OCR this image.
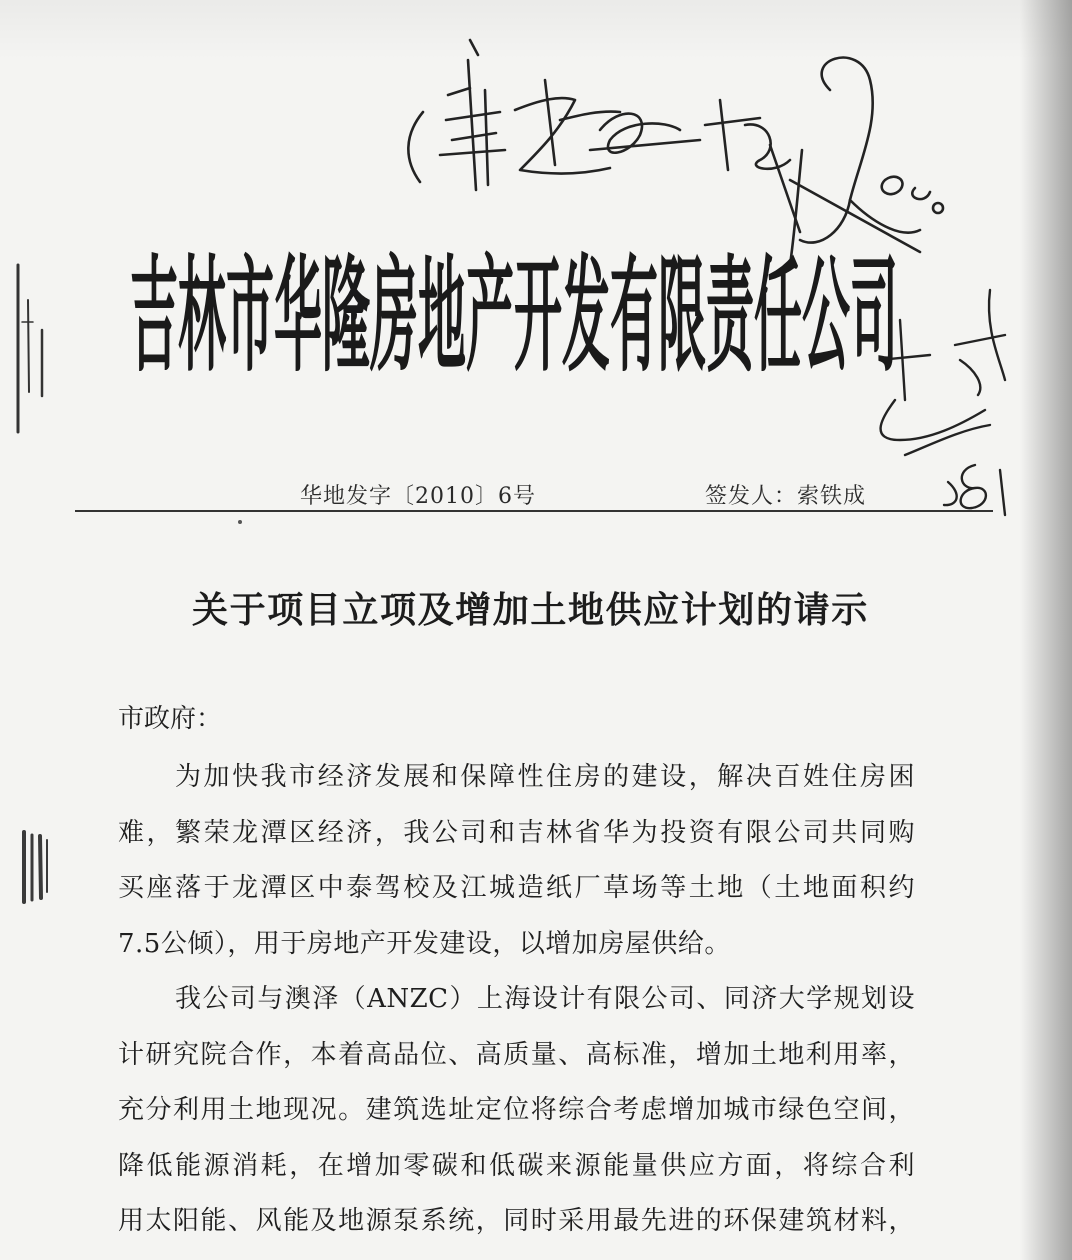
吉林市华隆房地产开发有限责任公司
华地发字〔2010〕6号	签发人：索铁成
关于项目立项及增加土地供应计划的请示
市政府：
为加快我市经济发展和保障性住房的建设，解决百姓住房困
难，繁荣龙潭区经济，我公司和吉林省华为投资有限公司共同购
买座落于龙潭区中泰驾校及江城造纸厂草场等土地（土地面积约
7.5公倾），用于房地产开发建设，以增加房屋供给。
我公司与澳泽（ANZC）上海设计有限公司、同济大学规划设
计研究院合作，本着高品位、高质量、高标准，增加土地利用率，
充分利用土地现况。建筑选址定位将综合考虑增加城市绿色空间，
降低能源消耗，在增加零碳和低碳来源能量供应方面，将综合利
用太阳能、风能及地源泵系统，同时采用最先进的环保建筑材料，
